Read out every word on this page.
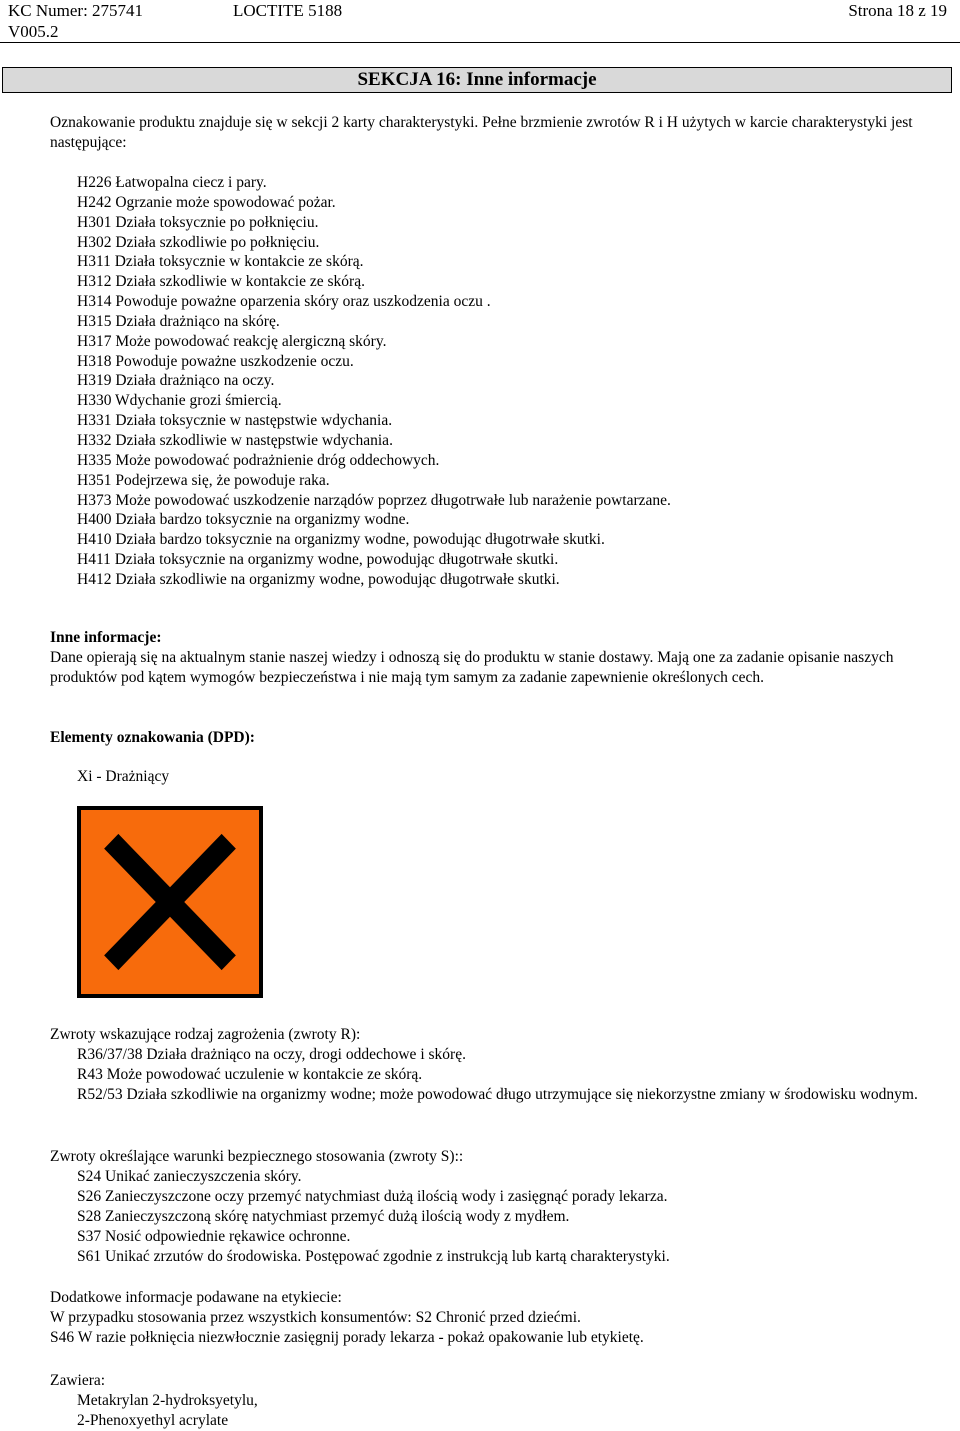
KC Numer: 275741
V005.2
LOCTITE 5188	Strona 18 z 19
SEKCJA 16: Inne informacje
Oznakowanie produktu znajduje się w sekcji 2 karty charakterystyki. Pełne brzmienie zwrotów R i H użytych w karcie charakterystyki jest następujące:
H226 Łatwopalna ciecz i pary.
H242 Ogrzanie może spowodować pożar.
H301 Działa toksycznie po połknięciu.
H302 Działa szkodliwie po połknięciu.
H311 Działa toksycznie w kontakcie ze skórą.
H312 Działa szkodliwie w kontakcie ze skórą.
H314 Powoduje poważne oparzenia skóry oraz uszkodzenia oczu .
H315 Działa drażniąco na skórę.
H317 Może powodować reakcję alergiczną skóry.
H318 Powoduje poważne uszkodzenie oczu.
H319 Działa drażniąco na oczy.
H330 Wdychanie grozi śmiercią.
H331 Działa toksycznie w następstwie wdychania.
H332 Działa szkodliwie w następstwie wdychania.
H335 Może powodować podrażnienie dróg oddechowych.
H351 Podejrzewa się, że powoduje raka.
H373 Może powodować uszkodzenie narządów poprzez długotrwałe lub narażenie powtarzane.
H400 Działa bardzo toksycznie na organizmy wodne.
H410 Działa bardzo toksycznie na organizmy wodne, powodując długotrwałe skutki.
H411 Działa toksycznie na organizmy wodne, powodując długotrwałe skutki.
H412 Działa szkodliwie na organizmy wodne, powodując długotrwałe skutki.
Inne informacje:
Dane opierają się na aktualnym stanie naszej wiedzy i odnoszą się do produktu w stanie dostawy. Mają one za zadanie opisanie naszych produktów pod kątem wymogów bezpieczeństwa i nie mają tym samym za zadanie zapewnienie określonych cech.
Elementy oznakowania (DPD):
Xi - Drażniący
Zwroty wskazujące rodzaj zagrożenia (zwroty R):
R36/37/38 Działa drażniąco na oczy, drogi oddechowe i skórę.
R43 Może powodować uczulenie w kontakcie ze skórą.
R52/53 Działa szkodliwie na organizmy wodne; może powodować długo utrzymujące się niekorzystne zmiany w środowisku wodnym.
Zwroty określające warunki bezpiecznego stosowania (zwroty S)::
S24 Unikać zanieczyszczenia skóry.
S26 Zanieczyszczone oczy przemyć natychmiast dużą ilością wody i zasięgnąć porady lekarza.
S28 Zanieczyszczoną skórę natychmiast przemyć dużą ilością wody z mydłem.
S37 Nosić odpowiednie rękawice ochronne.
S61 Unikać zrzutów do środowiska. Postępować zgodnie z instrukcją lub kartą charakterystyki.
Dodatkowe informacje podawane na etykiecie:
W przypadku stosowania przez wszystkich konsumentów: S2 Chronić przed dziećmi.
S46 W razie połknięcia niezwłocznie zasięgnij porady lekarza - pokaż opakowanie lub etykietę.
Zawiera:
Metakrylan 2-hydroksyetylu,
2-Phenoxyethyl acrylate
